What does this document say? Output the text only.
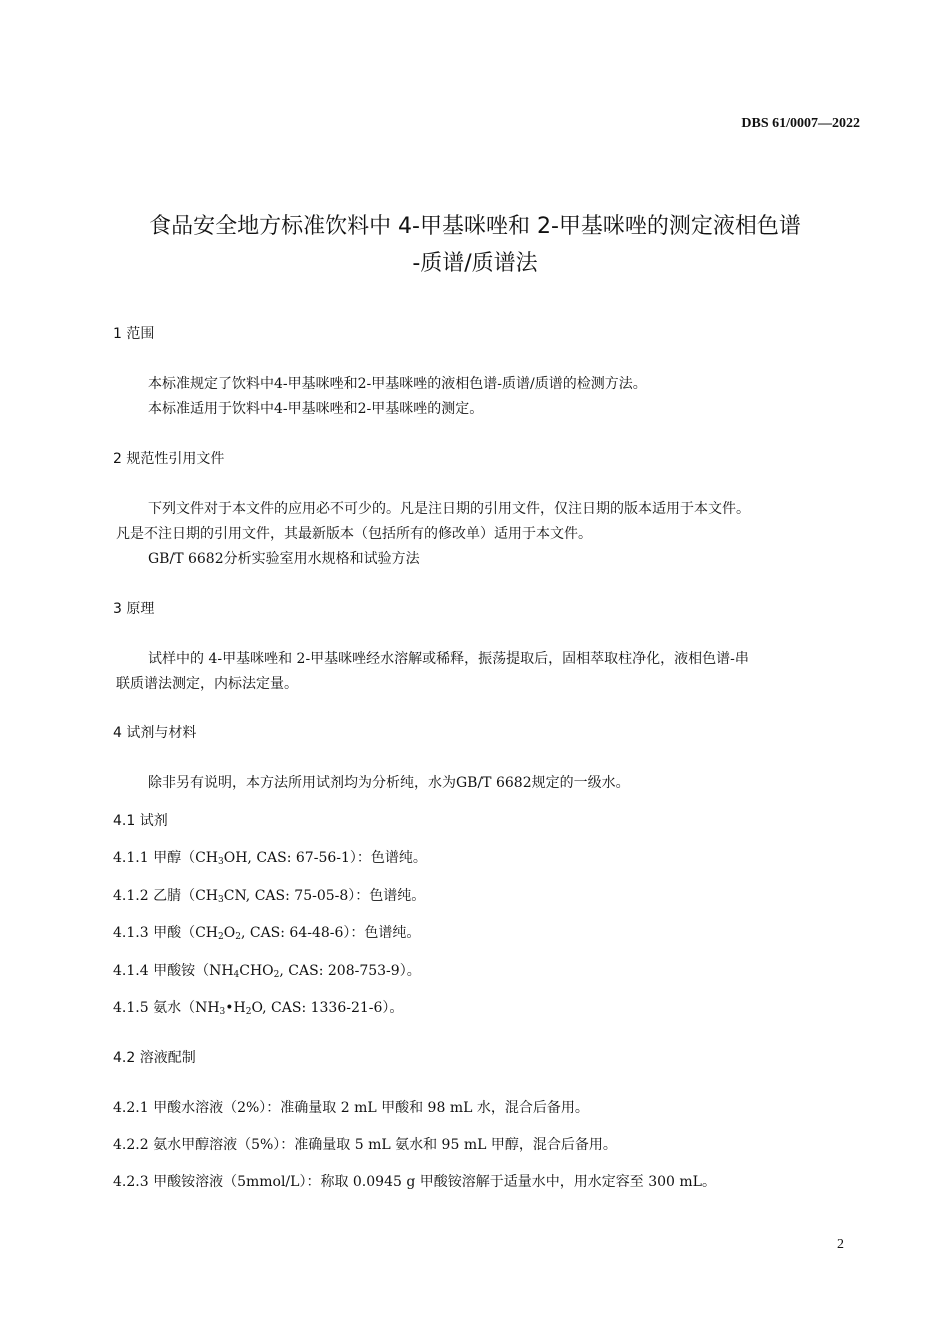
DBS 61/0007—2022
食品安全地方标准饮料中 4-甲基咪唑和 2-甲基咪唑的测定液相色谱
-质谱/质谱法
1 范围
本标准规定了饮料中4-甲基咪唑和2-甲基咪唑的液相色谱-质谱/质谱的检测方法。
本标准适用于饮料中4-甲基咪唑和2-甲基咪唑的测定。
2 规范性引用文件
下列文件对于本文件的应用必不可少的。凡是注日期的引用文件，仅注日期的版本适用于本文件。
凡是不注日期的引用文件，其最新版本（包括所有的修改单）适用于本文件。
GB/T 6682分析实验室用水规格和试验方法
3 原理
试样中的 4-甲基咪唑和 2-甲基咪唑经水溶解或稀释，振荡提取后，固相萃取柱净化，液相色谱-串
联质谱法测定，内标法定量。
4 试剂与材料
除非另有说明，本方法所用试剂均为分析纯，水为GB/T 6682规定的一级水。
4.1 试剂
4.1.1 甲醇（$CH_3OH$, CAS: 67-56-1）：色谱纯。
4.1.2 乙腈（$CH_3CN$, CAS: 75-05-8）：色谱纯。
4.1.3 甲酸（$CH_2O_2$, CAS: 64-48-6）：色谱纯。
4.1.4 甲酸铵（$NH_4CHO_2$, CAS: 208-753-9）。
4.1.5 氨水（$NH_3•H_2O$, CAS: 1336-21-6）。
4.2 溶液配制
4.2.1 甲酸水溶液（2%）：准确量取 2 mL 甲酸和 98 mL 水，混合后备用。
4.2.2 氨水甲醇溶液（5%）：准确量取 5 mL 氨水和 95 mL 甲醇，混合后备用。
4.2.3 甲酸铵溶液（5mmol/L）：称取 0.0945 g 甲酸铵溶解于适量水中，用水定容至 300 mL。
2
